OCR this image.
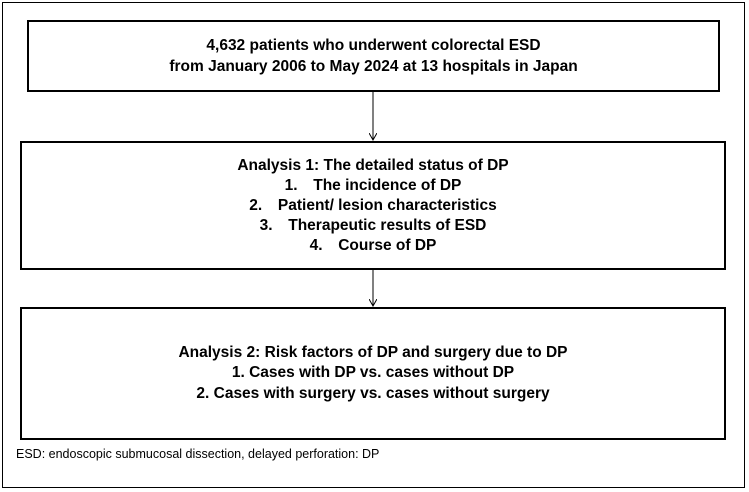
4,632 patients who underwent colorectal ESD
from January 2006 to May 2024 at 13 hospitals in Japan
Analysis 1: The detailed status of DP
1. The incidence of DP
2. Patient/ lesion characteristics
3. Therapeutic results of ESD
4. Course of DP
Analysis 2: Risk factors of DP and surgery due to DP
1. Cases with DP vs. cases without DP
2. Cases with surgery vs. cases without surgery
ESD: endoscopic submucosal dissection, delayed perforation: DP
